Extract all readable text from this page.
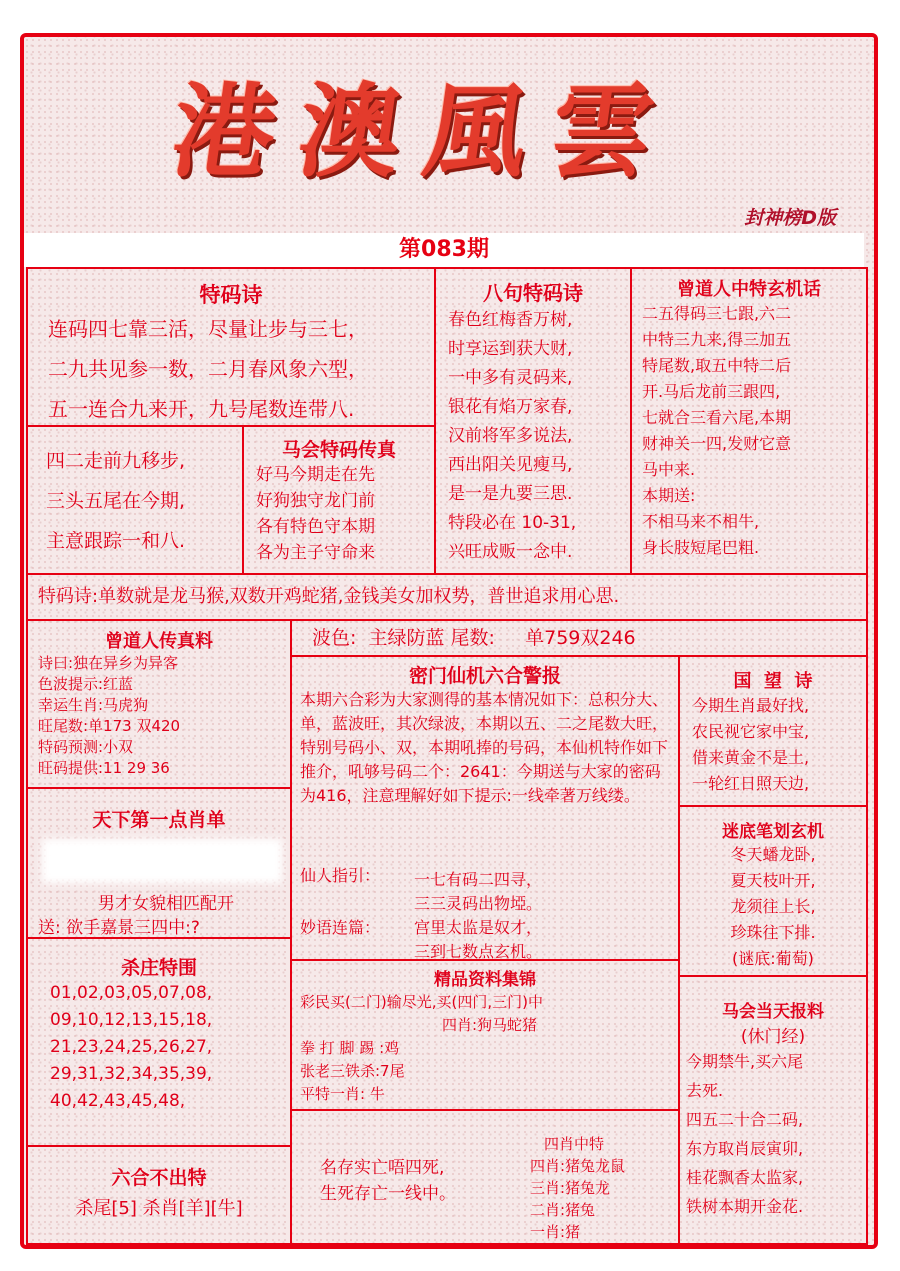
港澳風雲
封神榜D版
第083期
特码诗
连码四七靠三活，尽量让步与三七，
二九共见参一数，二月春风象六型，
五一连合九来开，九号尾数连带八.
四二走前九移步,
三头五尾在今期,
主意跟踪一和八.
马会特码传真
好马今期走在先
好狗独守龙门前
各有特色守本期
各为主子守命来
八句特码诗
春色红梅香万树,
时享运到获大财,
一中多有灵码来,
银花有焰万家春,
汉前将军多说法,
西出阳关见瘦马,
是一是九要三思.
特段必在 10-31,
兴旺成贩一念中.
曾道人中特玄机话
二五得码三七跟,六二
中特三九来,得三加五
特尾数,取五中特二后
开.马后龙前三跟四,
七就合三看六尾,本期
财神关一四,发财它意
马中来.
本期送:
不相马来不相牛,
身长肢短尾巴粗.
特码诗:单数就是龙马猴,双数开鸡蛇猪,金钱美女加权势，普世追求用心思.
曾道人传真料
诗曰:独在异乡为异客
色波提示:红蓝
幸运生肖:马虎狗
旺尾数:单173 双420
特码预测:小双
旺码提供:11 29 36
天下第一点肖单
男才女貌相匹配开
送: 欲手嘉景三四中:?
杀庄特围
01,02,03,05,07,08,
09,10,12,13,15,18,
21,23,24,25,26,27,
29,31,32,34,35,39,
40,42,43,45,48,
六合不出特
杀尾[5] 杀肖[羊][牛]
波色:  主绿防蓝 尾数:     单759双246
密门仙机六合警报
本期六合彩为大家测得的基本情况如下：总积分大、单，蓝波旺，其次绿波，本期以五、二之尾数大旺，特别号码小、双，本期吼捧的号码，本仙机特作如下推介，吼够号码二个：2641：今期送与大家的密码为416，注意理解好如下提示:一线牵著万线缕。
仙人指引： 一七有码二四寻，
三三灵码出物埡。
妙语连篇： 宫里太监是奴才，
三到七数点玄机。
精品资料集锦
彩民买(二门)输尽光,买(四门,三门)中
四肖:狗马蛇猪
拳 打 脚 踢 :鸡
张老三铁杀:7尾
平特一肖: 牛
名存实亡唔四死,
生死存亡一线中。
四肖中特
四肖:猪兔龙鼠
三肖:猪兔龙
二肖:猪兔
一肖:猪
国  望  诗
今期生肖最好找,
农民视它家中宝,
借来黄金不是土,
一轮红日照天边,
迷底笔划玄机
冬天蟠龙卧,
夏天枝叶开,
龙须往上长,
珍珠往下排.
(谜底:葡萄)
马会当天报料
(休门经)
今期禁牛,买六尾
去死.
四五二十合二码,
东方取肖辰寅卯,
桂花飘香太监家,
铁树本期开金花.
